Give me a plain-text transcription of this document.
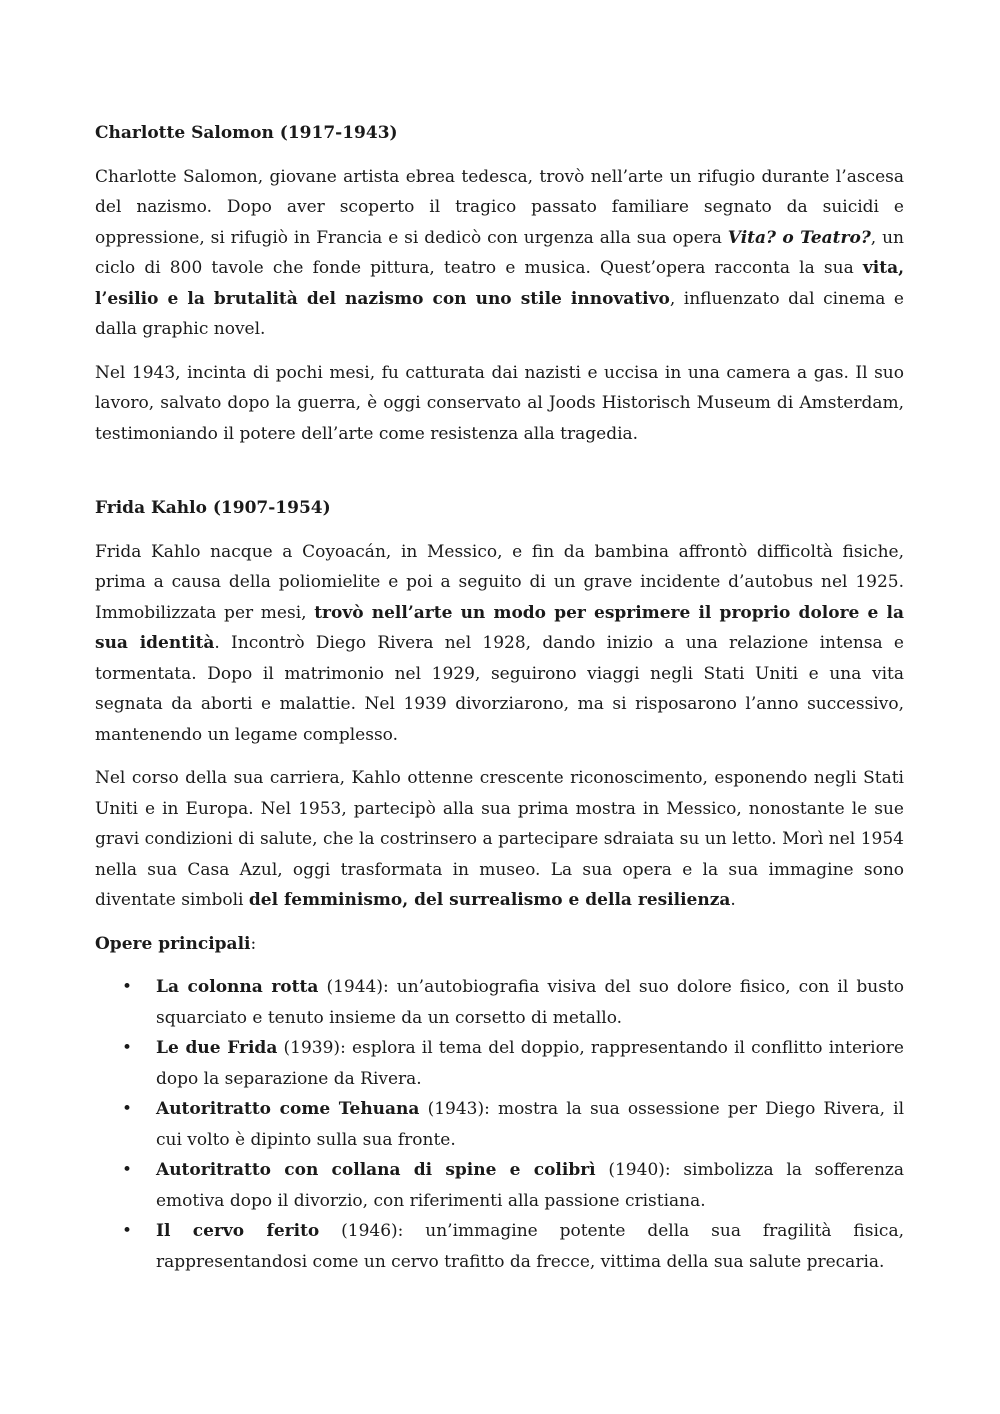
Charlotte Salomon (1917-1943)

Charlotte Salomon, giovane artista ebrea tedesca, trovò nell’arte un rifugio durante l’ascesa del nazismo. Dopo aver scoperto il tragico passato familiare segnato da suicidi e oppressione, si rifugiò in Francia e si dedicò con urgenza alla sua opera Vita? o Teatro?, un ciclo di 800 tavole che fonde pittura, teatro e musica. Quest’opera racconta la sua vita, l’esilio e la brutalità del nazismo con uno stile innovativo, influenzato dal cinema e dalla graphic novel.

Nel 1943, incinta di pochi mesi, fu catturata dai nazisti e uccisa in una camera a gas. Il suo lavoro, salvato dopo la guerra, è oggi conservato al Joods Historisch Museum di Amsterdam, testimoniando il potere dell’arte come resistenza alla tragedia.

Frida Kahlo (1907-1954)

Frida Kahlo nacque a Coyoacán, in Messico, e fin da bambina affrontò difficoltà fisiche, prima a causa della poliomielite e poi a seguito di un grave incidente d’autobus nel 1925. Immobilizzata per mesi, trovò nell’arte un modo per esprimere il proprio dolore e la sua identità. Incontrò Diego Rivera nel 1928, dando inizio a una relazione intensa e tormentata. Dopo il matrimonio nel 1929, seguirono viaggi negli Stati Uniti e una vita segnata da aborti e malattie. Nel 1939 divorziarono, ma si risposarono l’anno successivo, mantenendo un legame complesso.

Nel corso della sua carriera, Kahlo ottenne crescente riconoscimento, esponendo negli Stati Uniti e in Europa. Nel 1953, partecipò alla sua prima mostra in Messico, nonostante le sue gravi condizioni di salute, che la costrinsero a partecipare sdraiata su un letto. Morì nel 1954 nella sua Casa Azul, oggi trasformata in museo. La sua opera e la sua immagine sono diventate simboli del femminismo, del surrealismo e della resilienza.

Opere principali:

• La colonna rotta (1944): un’autobiografia visiva del suo dolore fisico, con il busto squarciato e tenuto insieme da un corsetto di metallo.
• Le due Frida (1939): esplora il tema del doppio, rappresentando il conflitto interiore dopo la separazione da Rivera.
• Autoritratto come Tehuana (1943): mostra la sua ossessione per Diego Rivera, il cui volto è dipinto sulla sua fronte.
• Autoritratto con collana di spine e colibrì (1940): simbolizza la sofferenza emotiva dopo il divorzio, con riferimenti alla passione cristiana.
• Il cervo ferito (1946): un’immagine potente della sua fragilità fisica, rappresentandosi come un cervo trafitto da frecce, vittima della sua salute precaria.
